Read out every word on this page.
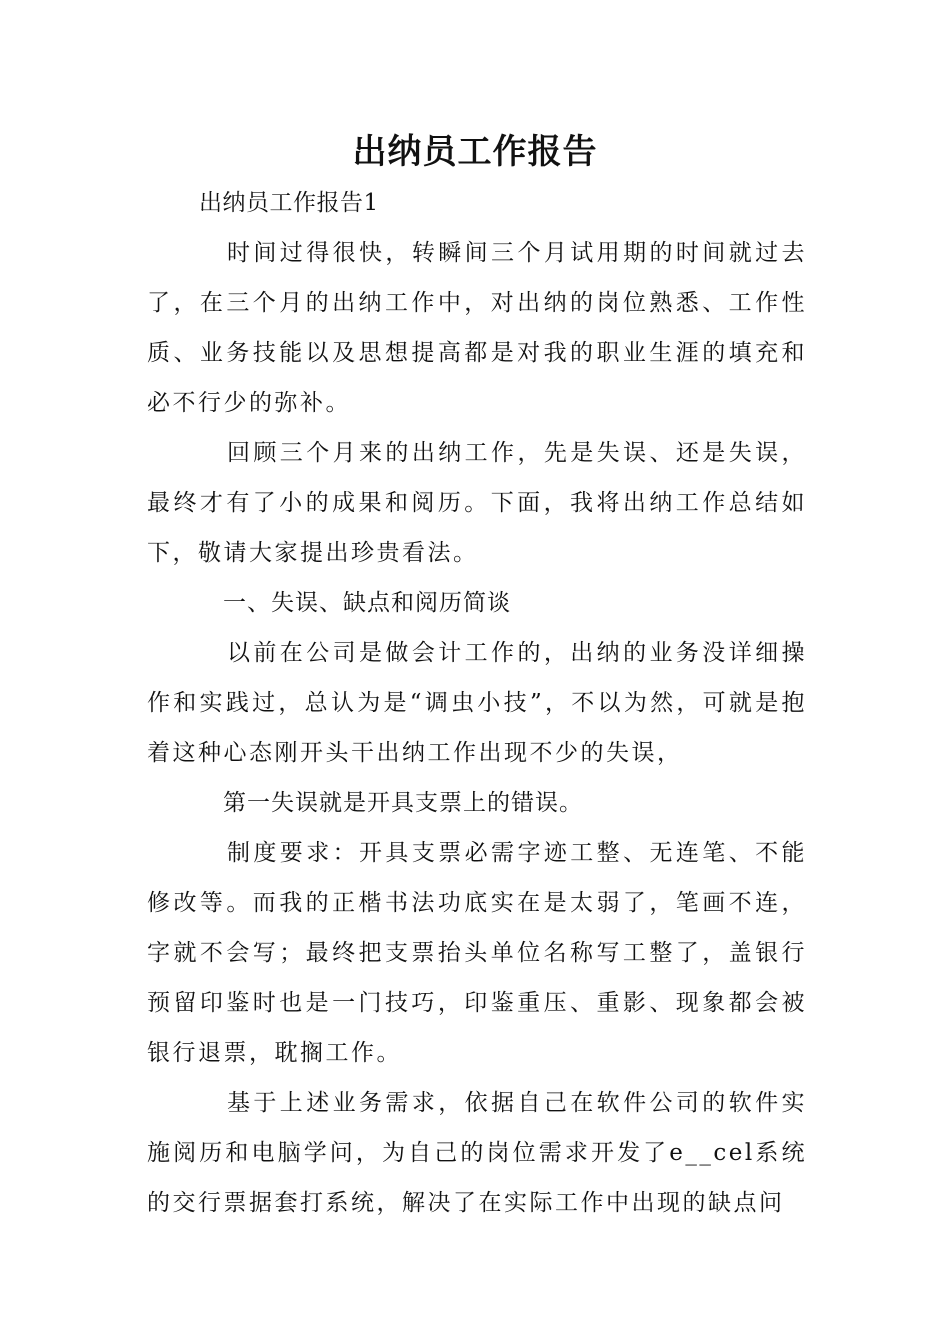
出纳员工作报告

出纳员工作报告1

时间过得很快，转瞬间三个月试用期的时间就过去了，在三个月的出纳工作中，对出纳的岗位熟悉、工作性质、业务技能以及思想提高都是对我的职业生涯的填充和必不行少的弥补。

回顾三个月来的出纳工作，先是失误、还是失误，最终才有了小的成果和阅历。下面，我将出纳工作总结如下，敬请大家提出珍贵看法。

一、失误、缺点和阅历简谈

以前在公司是做会计工作的，出纳的业务没详细操作和实践过，总认为是“调虫小技”，不以为然，可就是抱着这种心态刚开头干出纳工作出现不少的失误，

第一失误就是开具支票上的错误。

制度要求：开具支票必需字迹工整、无连笔、不能修改等。而我的正楷书法功底实在是太弱了，笔画不连，字就不会写；最终把支票抬头单位名称写工整了，盖银行预留印鉴时也是一门技巧，印鉴重压、重影、现象都会被银行退票，耽搁工作。

基于上述业务需求，依据自己在软件公司的软件实施阅历和电脑学问，为自己的岗位需求开发了e__cel系统的交行票据套打系统，解决了在实际工作中出现的缺点问
